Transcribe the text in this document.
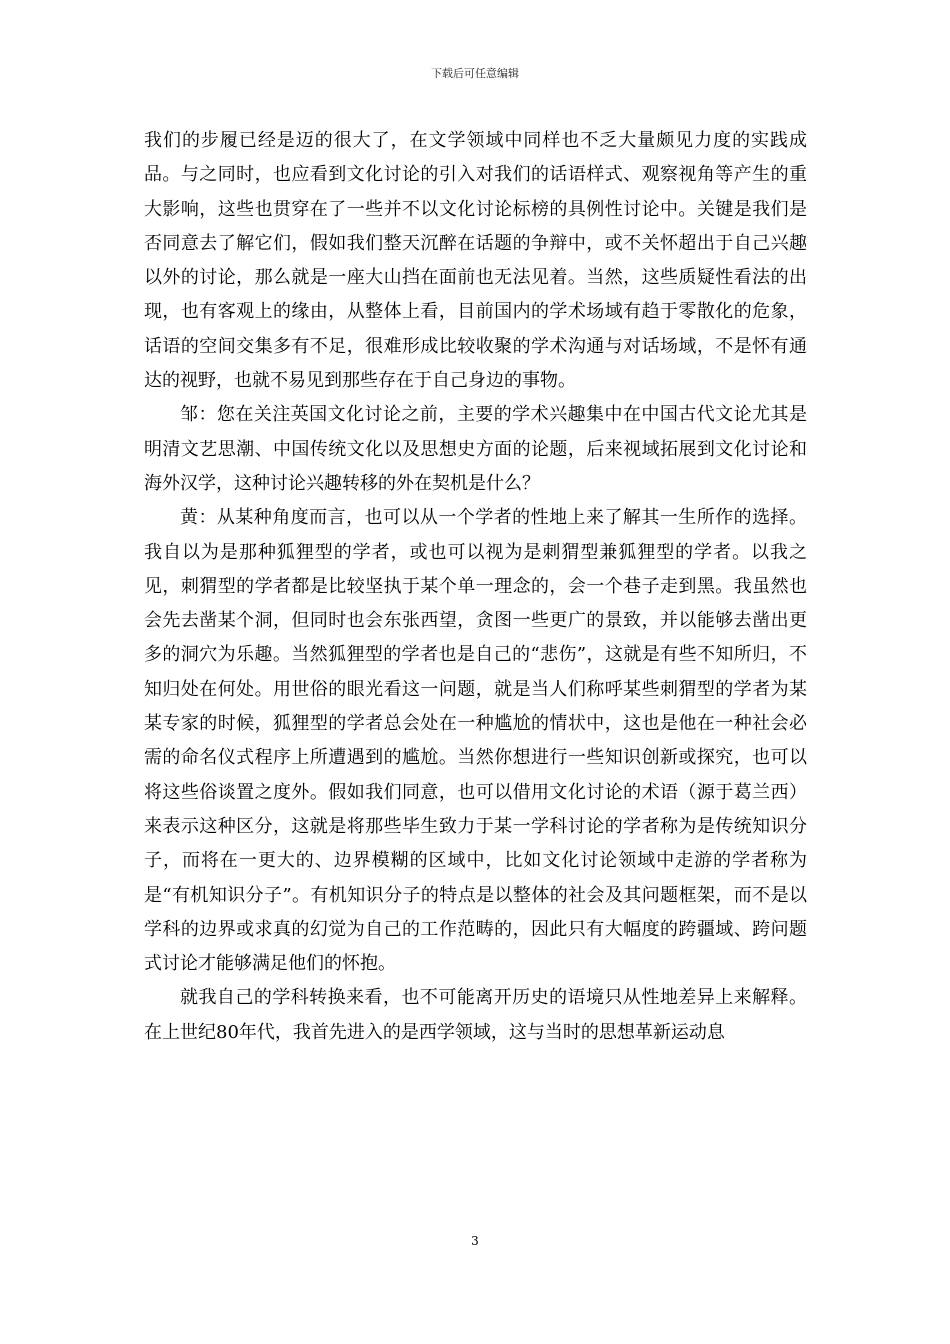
下载后可任意编辑

我们的步履已经是迈的很大了，在文学领域中同样也不乏大量颇见力度的实践成品。与之同时，也应看到文化讨论的引入对我们的话语样式、观察视角等产生的重大影响，这些也贯穿在了一些并不以文化讨论标榜的具例性讨论中。关键是我们是否同意去了解它们，假如我们整天沉醉在话题的争辩中，或不关怀超出于自己兴趣以外的讨论，那么就是一座大山挡在面前也无法见着。当然，这些质疑性看法的出现，也有客观上的缘由，从整体上看，目前国内的学术场域有趋于零散化的危象，话语的空间交集多有不足，很难形成比较收聚的学术沟通与对话场域，不是怀有通达的视野，也就不易见到那些存在于自己身边的事物。

邹：您在关注英国文化讨论之前，主要的学术兴趣集中在中国古代文论尤其是明清文艺思潮、中国传统文化以及思想史方面的论题，后来视域拓展到文化讨论和海外汉学，这种讨论兴趣转移的外在契机是什么？

黄：从某种角度而言，也可以从一个学者的性地上来了解其一生所作的选择。我自以为是那种狐狸型的学者，或也可以视为是刺猬型兼狐狸型的学者。以我之见，刺猬型的学者都是比较坚执于某个单一理念的，会一个巷子走到黑。我虽然也会先去凿某个洞，但同时也会东张西望，贪图一些更广的景致，并以能够去凿出更多的洞穴为乐趣。当然狐狸型的学者也是自己的“悲伤”，这就是有些不知所归，不知归处在何处。用世俗的眼光看这一问题，就是当人们称呼某些刺猬型的学者为某某专家的时候，狐狸型的学者总会处在一种尴尬的情状中，这也是他在一种社会必需的命名仪式程序上所遭遇到的尴尬。当然你想进行一些知识创新或探究，也可以将这些俗谈置之度外。假如我们同意，也可以借用文化讨论的术语（源于葛兰西）来表示这种区分，这就是将那些毕生致力于某一学科讨论的学者称为是传统知识分子，而将在一更大的、边界模糊的区域中，比如文化讨论领域中走游的学者称为是“有机知识分子”。有机知识分子的特点是以整体的社会及其问题框架，而不是以学科的边界或求真的幻觉为自己的工作范畴的，因此只有大幅度的跨疆域、跨问题式讨论才能够满足他们的怀抱。

就我自己的学科转换来看，也不可能离开历史的语境只从性地差异上来解释。在上世纪80年代，我首先进入的是西学领域，这与当时的思想革新运动息

3
